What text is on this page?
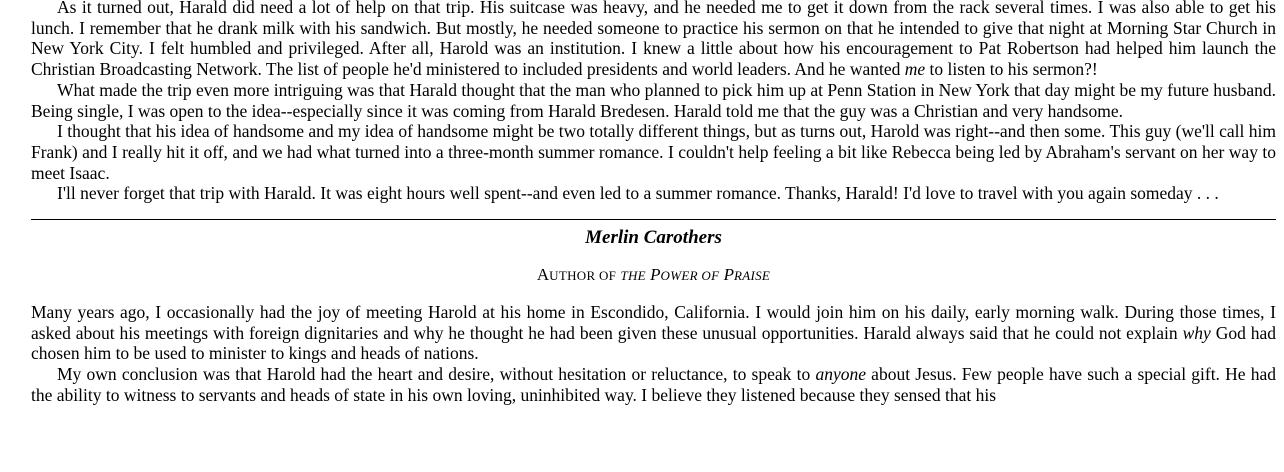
As it turned out, Harald did need a lot of help on that trip. His suitcase was heavy, and he needed me to get it down from the rack several times. I was also able to get his lunch. I remember that he drank milk with his sandwich. But mostly, he needed someone to practice his sermon on that he intended to give that night at Morning Star Church in New York City. I felt humbled and privileged. After all, Harold was an institution. I knew a little about how his encouragement to Pat Robertson had helped him launch the Christian Broadcasting Network. The list of people he'd ministered to included presidents and world leaders. And he wanted me to listen to his sermon?!

What made the trip even more intriguing was that Harald thought that the man who planned to pick him up at Penn Station in New York that day might be my future husband. Being single, I was open to the idea--especially since it was coming from Harald Bredesen. Harald told me that the guy was a Christian and very handsome.

I thought that his idea of handsome and my idea of handsome might be two totally different things, but as turns out, Harold was right--and then some. This guy (we'll call him Frank) and I really hit it off, and we had what turned into a three-month summer romance. I couldn't help feeling a bit like Rebecca being led by Abraham's servant on her way to meet Isaac.

I'll never forget that trip with Harald. It was eight hours well spent--and even led to a summer romance. Thanks, Harald! I'd love to travel with you again someday . . .

Merlin Carothers
AUTHOR OF THE POWER OF PRAISE

Many years ago, I occasionally had the joy of meeting Harold at his home in Escondido, California. I would join him on his daily, early morning walk. During those times, I asked about his meetings with foreign dignitaries and why he thought he had been given these unusual opportunities. Harald always said that he could not explain why God had chosen him to be used to minister to kings and heads of nations.

My own conclusion was that Harold had the heart and desire, without hesitation or reluctance, to speak to anyone about Jesus. Few people have such a special gift. He had the ability to witness to servants and heads of state in his own loving, uninhibited way. I believe they listened because they sensed that his
